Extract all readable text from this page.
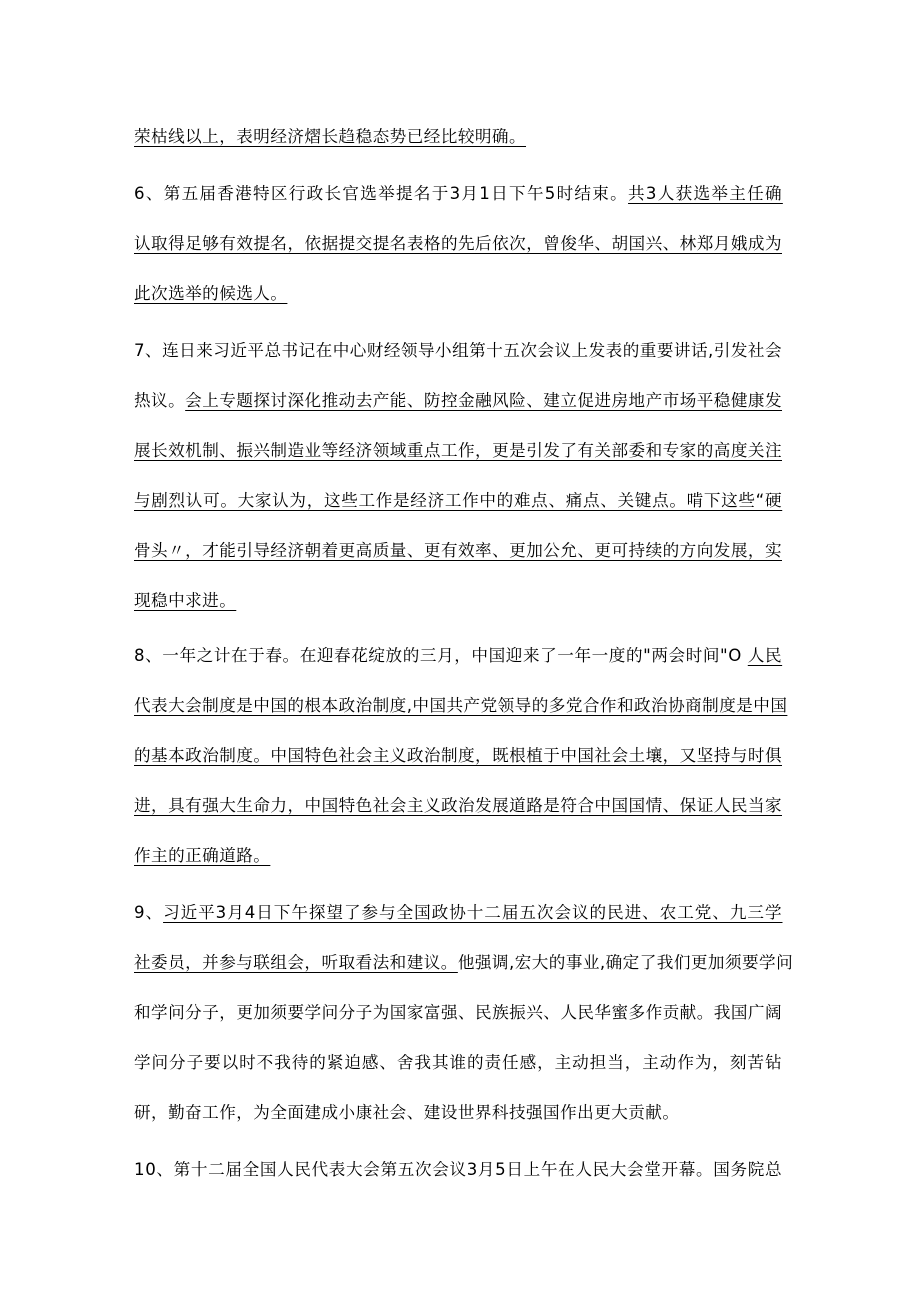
荣枯线以上，表明经济熠长趋稳态势已经比较明确。
6、第五届香港特区行政长官选举提名于3月1日下午5时结束。共3人获选举主任确
认取得足够有效提名，依据提交提名表格的先后依次，曾俊华、胡国兴、林郑月娥成为
此次选举的候选人。
7、连日来习近平总书记在中心财经领导小组第十五次会议上发表的重要讲话,引发社会
热议。会上专题探讨深化推动去产能、防控金融风险、建立促进房地产市场平稳健康发
展长效机制、振兴制造业等经济领域重点工作，更是引发了有关部委和专家的高度关注
与剧烈认可。大家认为，这些工作是经济工作中的难点、痛点、关键点。啃下这些“硬
骨头〃，才能引导经济朝着更高质量、更有效率、更加公允、更可持续的方向发展，实
现稳中求进。
8、一年之计在于春。在迎春花绽放的三月，中国迎来了一年一度的"两会时间"O 人民
代表大会制度是中国的根本政治制度,中国共产党领导的多党合作和政治协商制度是中国
的基本政治制度。中国特色社会主义政治制度，既根植于中国社会土壤，又坚持与时俱
进，具有强大生命力，中国特色社会主义政治发展道路是符合中国国情、保证人民当家
作主的正确道路。
9、习近平3月4日下午探望了参与全国政协十二届五次会议的民进、农工党、九三学
社委员，并参与联组会，听取看法和建议。他强调,宏大的事业,确定了我们更加须要学问
和学问分子，更加须要学问分子为国家富强、民族振兴、人民华蜜多作贡献。我国广阔
学问分子要以时不我待的紧迫感、舍我其谁的责任感，主动担当，主动作为，刻苦钻
研，勤奋工作，为全面建成小康社会、建设世界科技强国作出更大贡献。
10、第十二届全国人民代表大会第五次会议3月5日上午在人民大会堂开幕。国务院总
